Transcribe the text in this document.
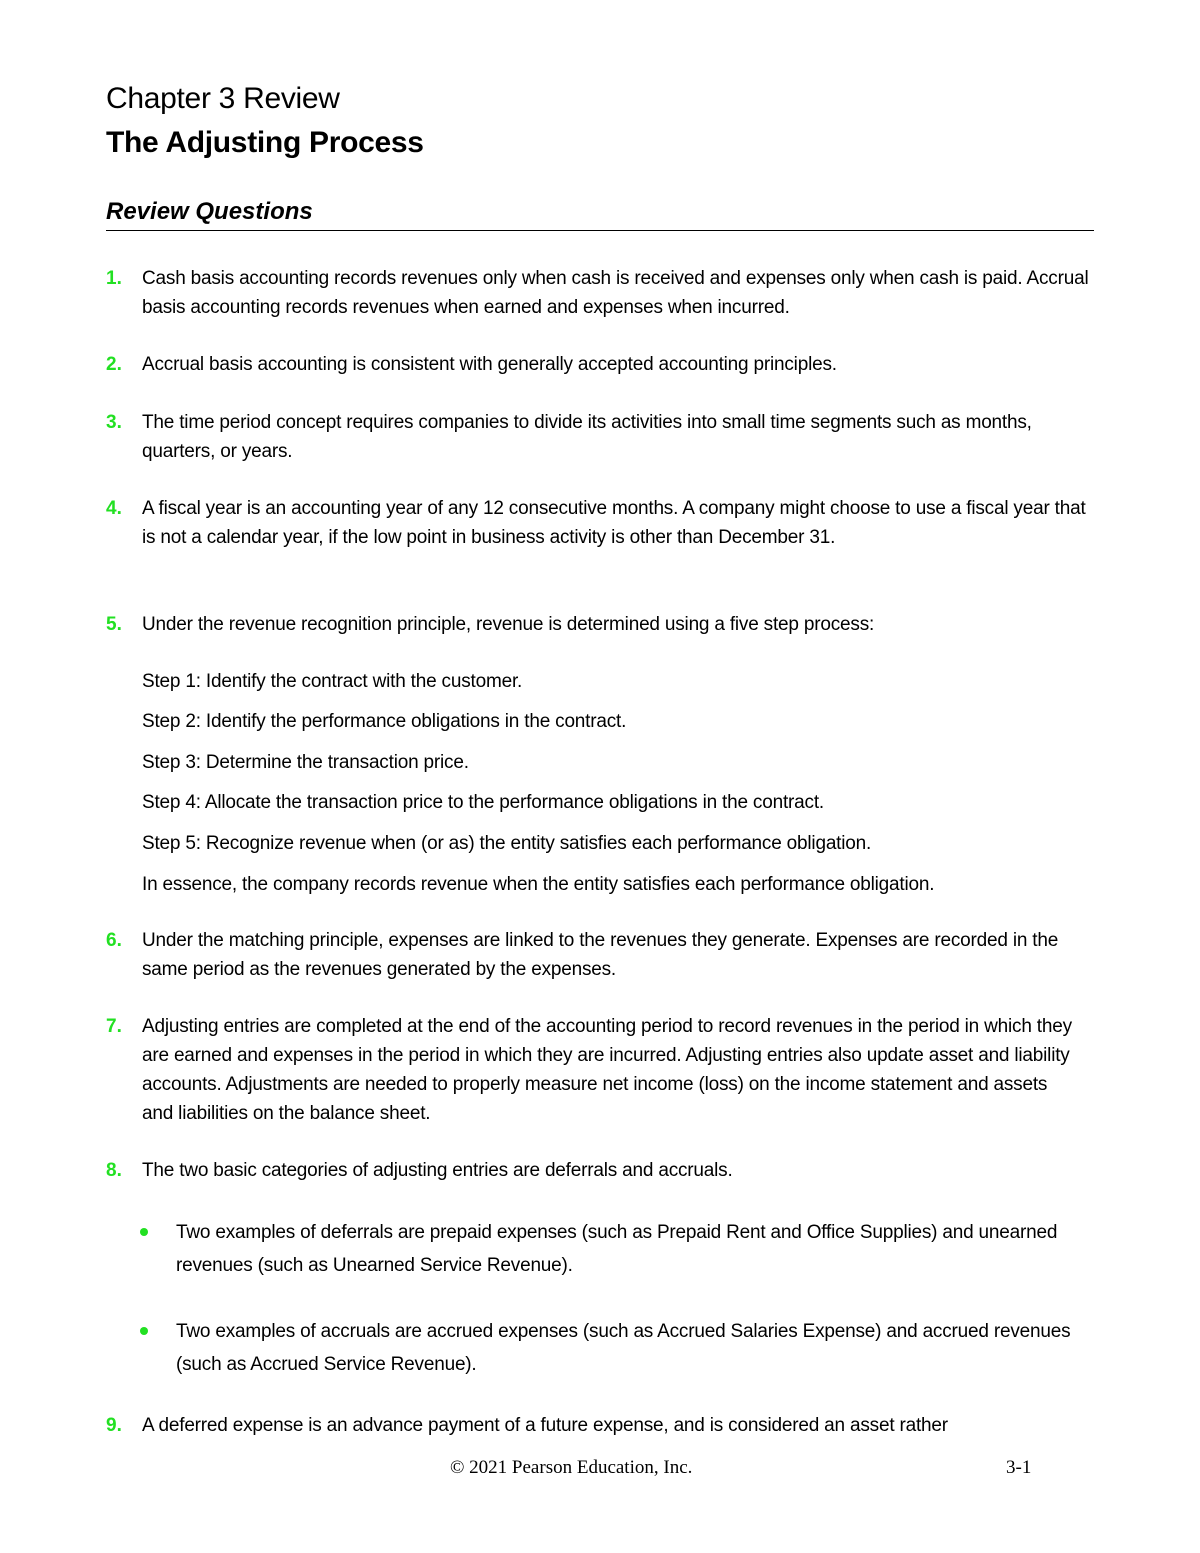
Chapter 3 Review
The Adjusting Process
Review Questions
1. Cash basis accounting records revenues only when cash is received and expenses only when cash is paid. Accrual basis accounting records revenues when earned and expenses when incurred.
2. Accrual basis accounting is consistent with generally accepted accounting principles.
3. The time period concept requires companies to divide its activities into small time segments such as months, quarters, or years.
4. A fiscal year is an accounting year of any 12 consecutive months. A company might choose to use a fiscal year that is not a calendar year, if the low point in business activity is other than December 31.
5. Under the revenue recognition principle, revenue is determined using a five step process:
Step 1: Identify the contract with the customer.
Step 2: Identify the performance obligations in the contract.
Step 3: Determine the transaction price.
Step 4: Allocate the transaction price to the performance obligations in the contract.
Step 5: Recognize revenue when (or as) the entity satisfies each performance obligation.
In essence, the company records revenue when the entity satisfies each performance obligation.
6. Under the matching principle, expenses are linked to the revenues they generate. Expenses are recorded in the same period as the revenues generated by the expenses.
7. Adjusting entries are completed at the end of the accounting period to record revenues in the period in which they are earned and expenses in the period in which they are incurred. Adjusting entries also update asset and liability accounts. Adjustments are needed to properly measure net income (loss) on the income statement and assets and liabilities on the balance sheet.
8. The two basic categories of adjusting entries are deferrals and accruals.
Two examples of deferrals are prepaid expenses (such as Prepaid Rent and Office Supplies) and unearned revenues (such as Unearned Service Revenue).
Two examples of accruals are accrued expenses (such as Accrued Salaries Expense) and accrued revenues (such as Accrued Service Revenue).
9. A deferred expense is an advance payment of a future expense, and is considered an asset rather
© 2021 Pearson Education, Inc.	3-1
